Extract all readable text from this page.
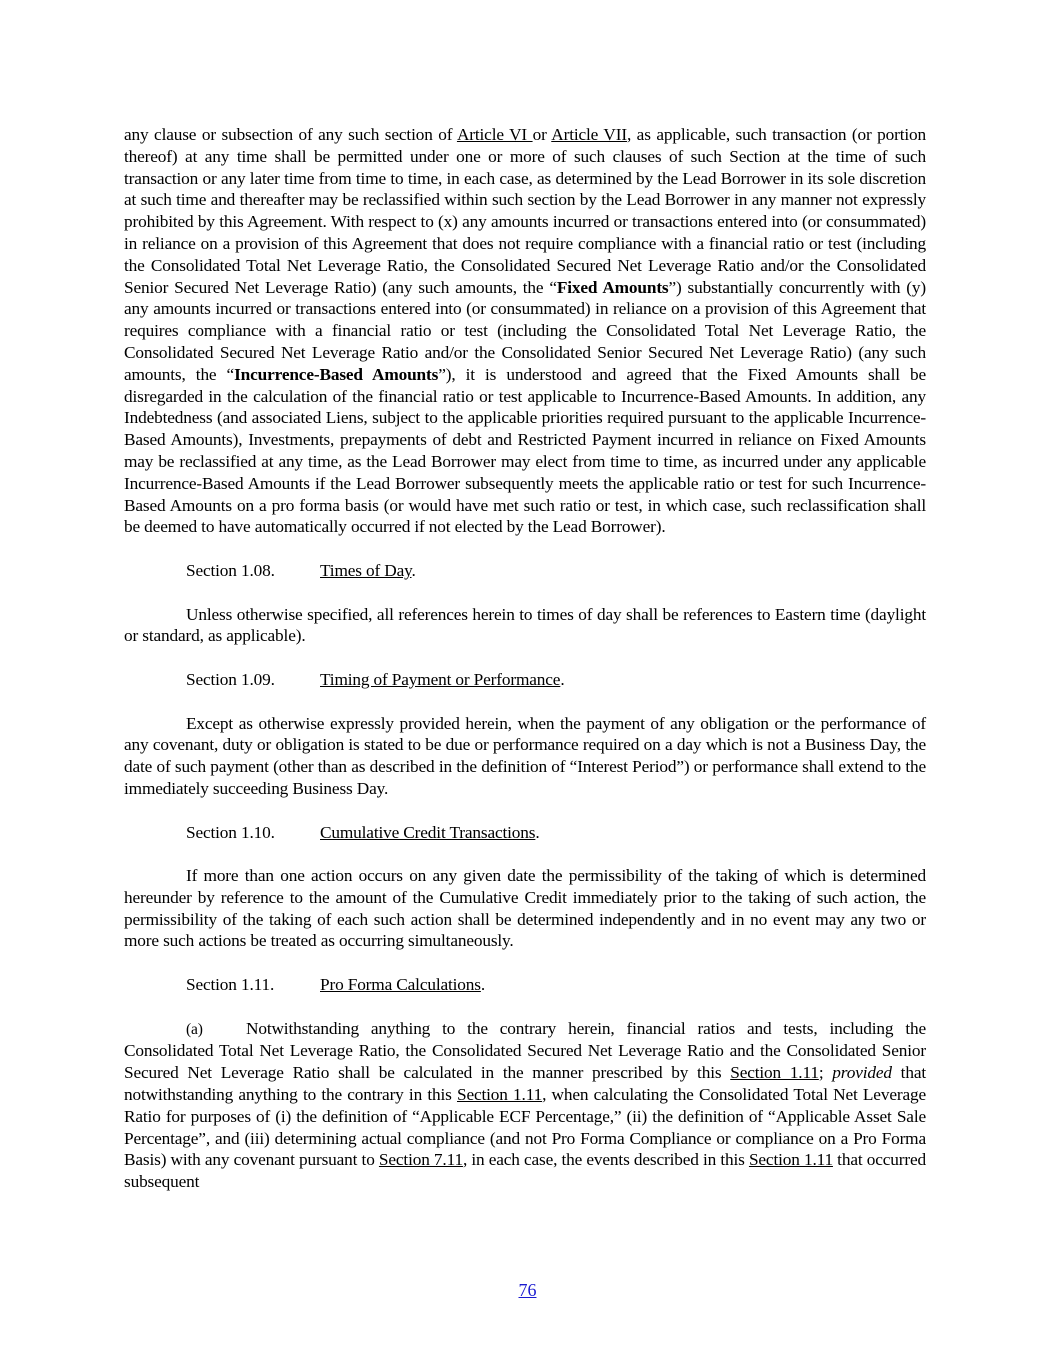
any clause or subsection of any such section of Article VI or Article VII, as applicable, such transaction (or portion thereof) at any time shall be permitted under one or more of such clauses of such Section at the time of such transaction or any later time from time to time, in each case, as determined by the Lead Borrower in its sole discretion at such time and thereafter may be reclassified within such section by the Lead Borrower in any manner not expressly prohibited by this Agreement. With respect to (x) any amounts incurred or transactions entered into (or consummated) in reliance on a provision of this Agreement that does not require compliance with a financial ratio or test (including the Consolidated Total Net Leverage Ratio, the Consolidated Secured Net Leverage Ratio and/or the Consolidated Senior Secured Net Leverage Ratio) (any such amounts, the “Fixed Amounts”) substantially concurrently with (y) any amounts incurred or transactions entered into (or consummated) in reliance on a provision of this Agreement that requires compliance with a financial ratio or test (including the Consolidated Total Net Leverage Ratio, the Consolidated Secured Net Leverage Ratio and/or the Consolidated Senior Secured Net Leverage Ratio) (any such amounts, the “Incurrence-Based Amounts”), it is understood and agreed that the Fixed Amounts shall be disregarded in the calculation of the financial ratio or test applicable to Incurrence-Based Amounts. In addition, any Indebtedness (and associated Liens, subject to the applicable priorities required pursuant to the applicable Incurrence-Based Amounts), Investments, prepayments of debt and Restricted Payment incurred in reliance on Fixed Amounts may be reclassified at any time, as the Lead Borrower may elect from time to time, as incurred under any applicable Incurrence-Based Amounts if the Lead Borrower subsequently meets the applicable ratio or test for such Incurrence-Based Amounts on a pro forma basis (or would have met such ratio or test, in which case, such reclassification shall be deemed to have automatically occurred if not elected by the Lead Borrower).

Section 1.08.	Times of Day.

Unless otherwise specified, all references herein to times of day shall be references to Eastern time (daylight or standard, as applicable).

Section 1.09.	Timing of Payment or Performance.

Except as otherwise expressly provided herein, when the payment of any obligation or the performance of any covenant, duty or obligation is stated to be due or performance required on a day which is not a Business Day, the date of such payment (other than as described in the definition of “Interest Period”) or performance shall extend to the immediately succeeding Business Day.

Section 1.10.	Cumulative Credit Transactions.

If more than one action occurs on any given date the permissibility of the taking of which is determined hereunder by reference to the amount of the Cumulative Credit immediately prior to the taking of such action, the permissibility of the taking of each such action shall be determined independently and in no event may any two or more such actions be treated as occurring simultaneously.

Section 1.11.	Pro Forma Calculations.

(a) Notwithstanding anything to the contrary herein, financial ratios and tests, including the Consolidated Total Net Leverage Ratio, the Consolidated Secured Net Leverage Ratio and the Consolidated Senior Secured Net Leverage Ratio shall be calculated in the manner prescribed by this Section 1.11; provided that notwithstanding anything to the contrary in this Section 1.11, when calculating the Consolidated Total Net Leverage Ratio for purposes of (i) the definition of “Applicable ECF Percentage,” (ii) the definition of “Applicable Asset Sale Percentage”, and (iii) determining actual compliance (and not Pro Forma Compliance or compliance on a Pro Forma Basis) with any covenant pursuant to Section 7.11, in each case, the events described in this Section 1.11 that occurred subsequent

76
